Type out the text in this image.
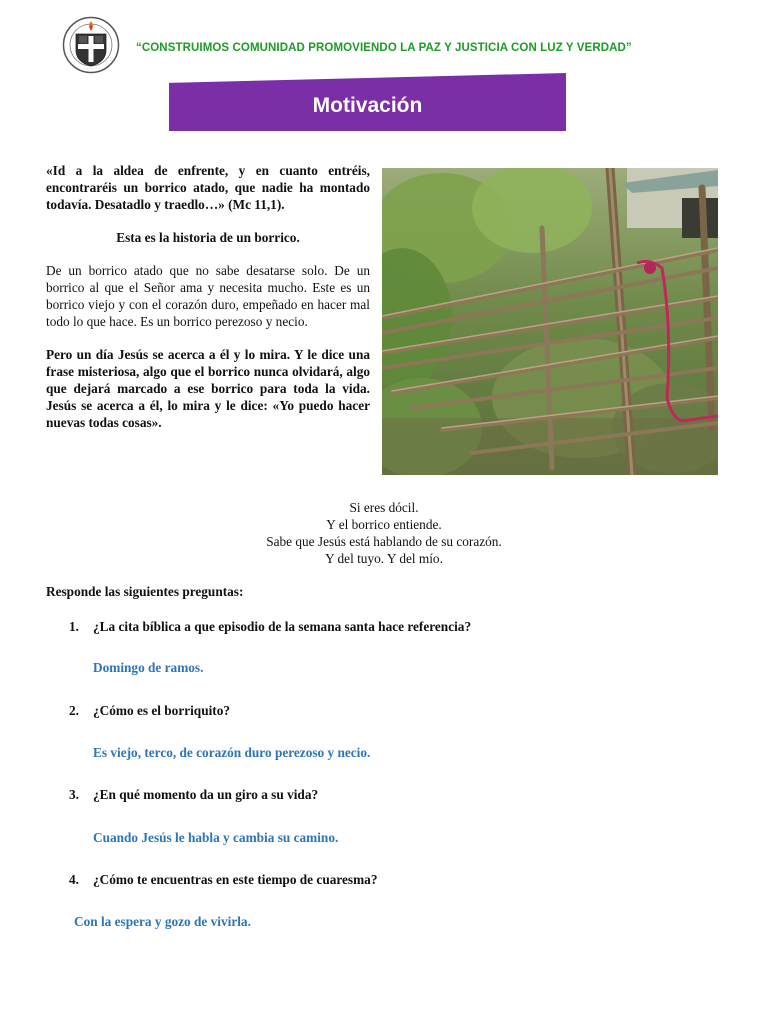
· · · · · · · ·
“CONSTRUIMOS COMUNIDAD PROMOVIENDO LA PAZ Y JUSTICIA CON LUZ Y VERDAD”
Motivación

«Id a la aldea de enfrente, y en cuanto entréis, encontraréis un borrico atado, que nadie ha montado todavía. Desatadlo y traedlo…» (Mc 11,1).

Esta es la historia de un borrico.

De un borrico atado que no sabe desatarse solo. De un borrico al que el Señor ama y necesita mucho. Este es un borrico viejo y con el corazón duro, empeñado en hacer mal todo lo que hace. Es un borrico perezoso y necio.

Pero un día Jesús se acerca a él y lo mira. Y le dice una frase misteriosa, algo que el borrico nunca olvidará, algo que dejará marcado a ese borrico para toda la vida. Jesús se acerca a él, lo mira y le dice: «Yo puedo hacer nuevas todas cosas».

Si eres dócil.
Y el borrico entiende.
Sabe que Jesús está hablando de su corazón.
Y del tuyo. Y del mío.
Responde las siguientes preguntas:
1. ¿La cita bíblica a que episodio de la semana santa hace referencia?
Domingo de ramos.
2. ¿Cómo es el borriquito?
Es viejo, terco, de corazón duro perezoso y necio.
3. ¿En qué momento da un giro a su vida?
Cuando Jesús le habla y cambia su camino.
4. ¿Cómo te encuentras en este tiempo de cuaresma?
Con la espera y gozo de vivirla.
